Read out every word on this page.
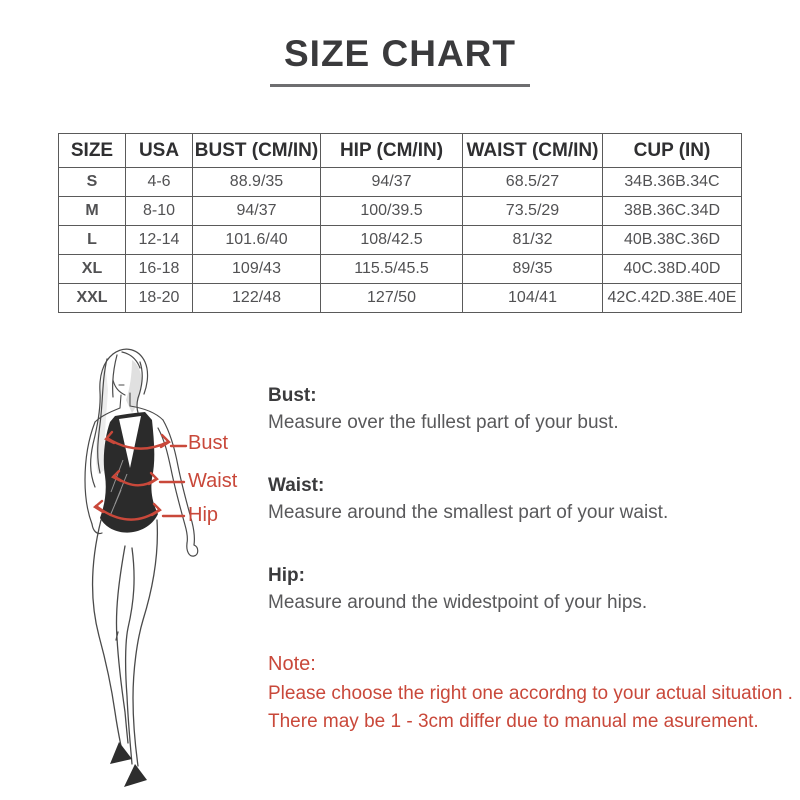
SIZE CHART
SIZE	USA	BUST (CM/IN)	HIP (CM/IN)	WAIST (CM/IN)	CUP (IN)
S	4-6	88.9/35	94/37	68.5/27	34B.36B.34C
M	8-10	94/37	100/39.5	73.5/29	38B.36C.34D
L	12-14	101.6/40	108/42.5	81/32	40B.38C.36D
XL	16-18	109/43	115.5/45.5	89/35	40C.38D.40D
XXL	18-20	122/48	127/50	104/41	42C.42D.38E.40E
Bust
Waist
Hip
Bust:
Measure over the fullest part of your bust.
Waist:
Measure around the smallest part of your waist.
Hip:
Measure around the widestpoint of your hips.
Note:
Please choose the right one accordng to your actual situation .
There may be 1 - 3cm differ due to manual me asurement.
